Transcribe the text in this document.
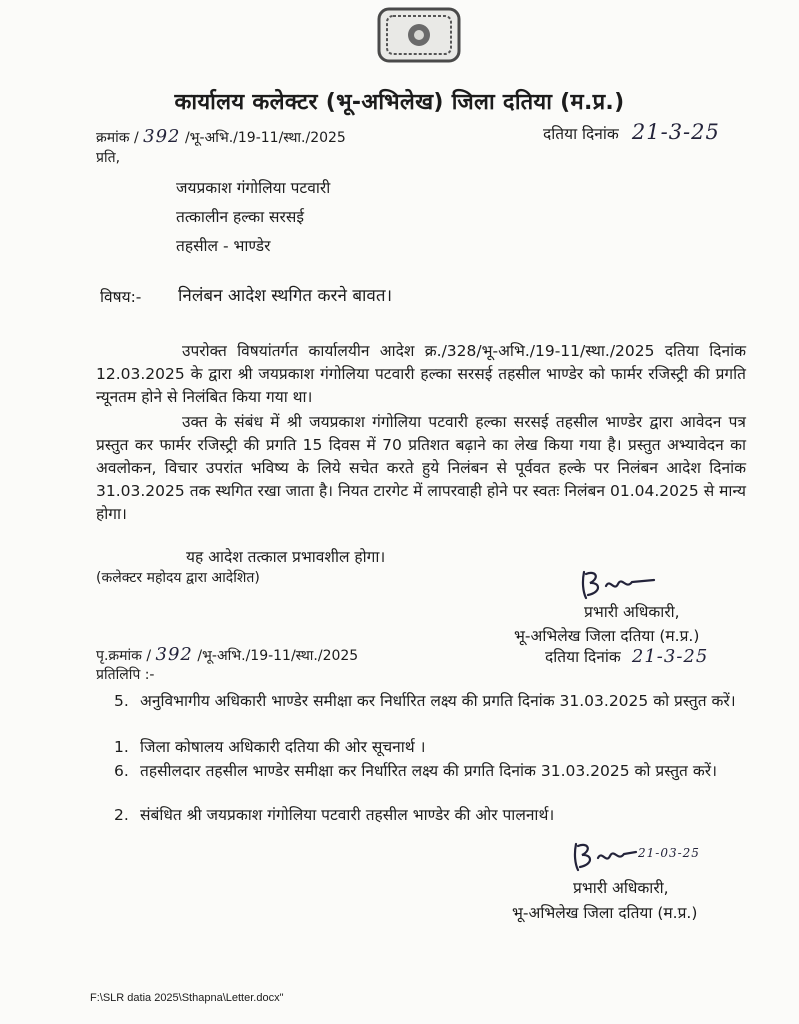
कार्यालय कलेक्टर (भू-अभिलेख) जिला दतिया (म.प्र.)
क्रमांक / 392 /भू-अभि./19-11/स्था./2025	दतिया दिनांक 21-3-25
प्रति,
जयप्रकाश गंगोलिया पटवारी
तत्कालीन हल्का सरसई
तहसील - भाण्डेर
विषय:- निलंबन आदेश स्थगित करने बावत।

उपरोक्त विषयांतर्गत कार्यालयीन आदेश क्र./328/भू-अभि./19-11/स्था./2025 दतिया दिनांक 12.03.2025 के द्वारा श्री जयप्रकाश गंगोलिया पटवारी हल्का सरसई तहसील भाण्डेर को फार्मर रजिस्ट्री की प्रगति न्यूनतम होने से निलंबित किया गया था।

उक्त के संबंध में श्री जयप्रकाश गंगोलिया पटवारी हल्का सरसई तहसील भाण्डेर द्वारा आवेदन पत्र प्रस्तुत कर फार्मर रजिस्ट्री की प्रगति 15 दिवस में 70 प्रतिशत बढ़ाने का लेख किया गया है। प्रस्तुत अभ्यावेदन का अवलोकन, विचार उपरांत भविष्य के लिये सचेत करते हुये निलंबन से पूर्ववत हल्के पर निलंबन आदेश दिनांक 31.03.2025 तक स्थगित रखा जाता है। नियत टारगेट में लापरवाही होने पर स्वतः निलंबन 01.04.2025 से मान्य होगा।

यह आदेश तत्काल प्रभावशील होगा।
(कलेक्टर महोदय द्वारा आदेशित)
प्रभारी अधिकारी,
भू-अभिलेख जिला दतिया (म.प्र.)
दतिया दिनांक 21-3-25
पृ.क्रमांक / 392 /भू-अभि./19-11/स्था./2025
प्रतिलिपि :-
5. अनुविभागीय अधिकारी भाण्डेर समीक्षा कर निर्धारित लक्ष्य की प्रगति दिनांक 31.03.2025 को प्रस्तुत करें।
1. जिला कोषालय अधिकारी दतिया की ओर सूचनार्थ ।
6. तहसीलदार तहसील भाण्डेर समीक्षा कर निर्धारित लक्ष्य की प्रगति दिनांक 31.03.2025 को प्रस्तुत करें।
2. संबंधित श्री जयप्रकाश गंगोलिया पटवारी तहसील भाण्डेर की ओर पालनार्थ।
21-03-25
प्रभारी अधिकारी,
भू-अभिलेख जिला दतिया (म.प्र.)
F:\SLR datia 2025\Sthapna\Letter.docx"
